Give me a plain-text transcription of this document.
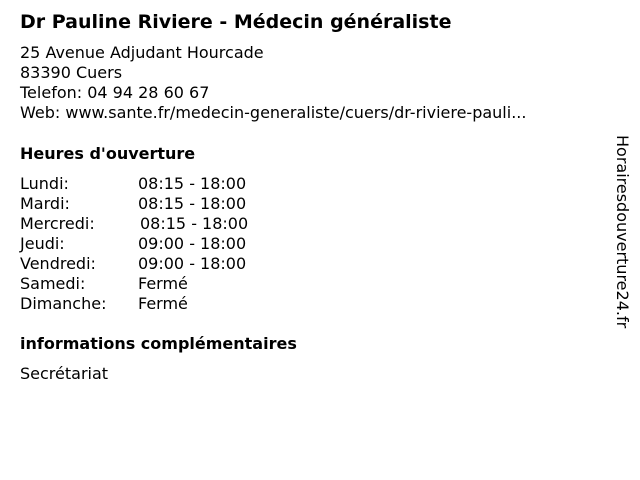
Dr Pauline Riviere - Médecin généraliste
25 Avenue Adjudant Hourcade
83390 Cuers
Telefon: 04 94 28 60 67
Web: www.sante.fr/medecin-generaliste/cuers/dr-riviere-pauli...
Heures d'ouverture
Lundi:	08:15 - 18:00
Mardi:	08:15 - 18:00
Mercredi:	08:15 - 18:00
Jeudi:	09:00 - 18:00
Vendredi:	09:00 - 18:00
Samedi:	Fermé
Dimanche: Fermé
informations complémentaires
Secrétariat
Horairesdouverture24.fr
